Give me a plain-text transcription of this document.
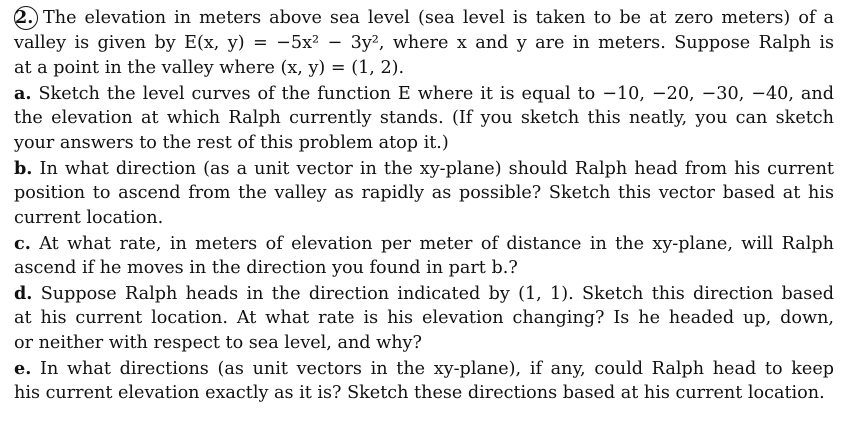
2. The elevation in meters above sea level (sea level is taken to be at zero meters) of a
valley is given by E(x, y) = −5x² − 3y², where x and y are in meters. Suppose Ralph is
at a point in the valley where (x, y) = (1, 2).
a. Sketch the level curves of the function E where it is equal to −10, −20, −30, −40, and
the elevation at which Ralph currently stands. (If you sketch this neatly, you can sketch
your answers to the rest of this problem atop it.)
b. In what direction (as a unit vector in the xy-plane) should Ralph head from his current
position to ascend from the valley as rapidly as possible? Sketch this vector based at his
current location.
c. At what rate, in meters of elevation per meter of distance in the xy-plane, will Ralph
ascend if he moves in the direction you found in part b.?
d. Suppose Ralph heads in the direction indicated by (1, 1). Sketch this direction based
at his current location. At what rate is his elevation changing? Is he headed up, down,
or neither with respect to sea level, and why?
e. In what directions (as unit vectors in the xy-plane), if any, could Ralph head to keep
his current elevation exactly as it is? Sketch these directions based at his current location.
